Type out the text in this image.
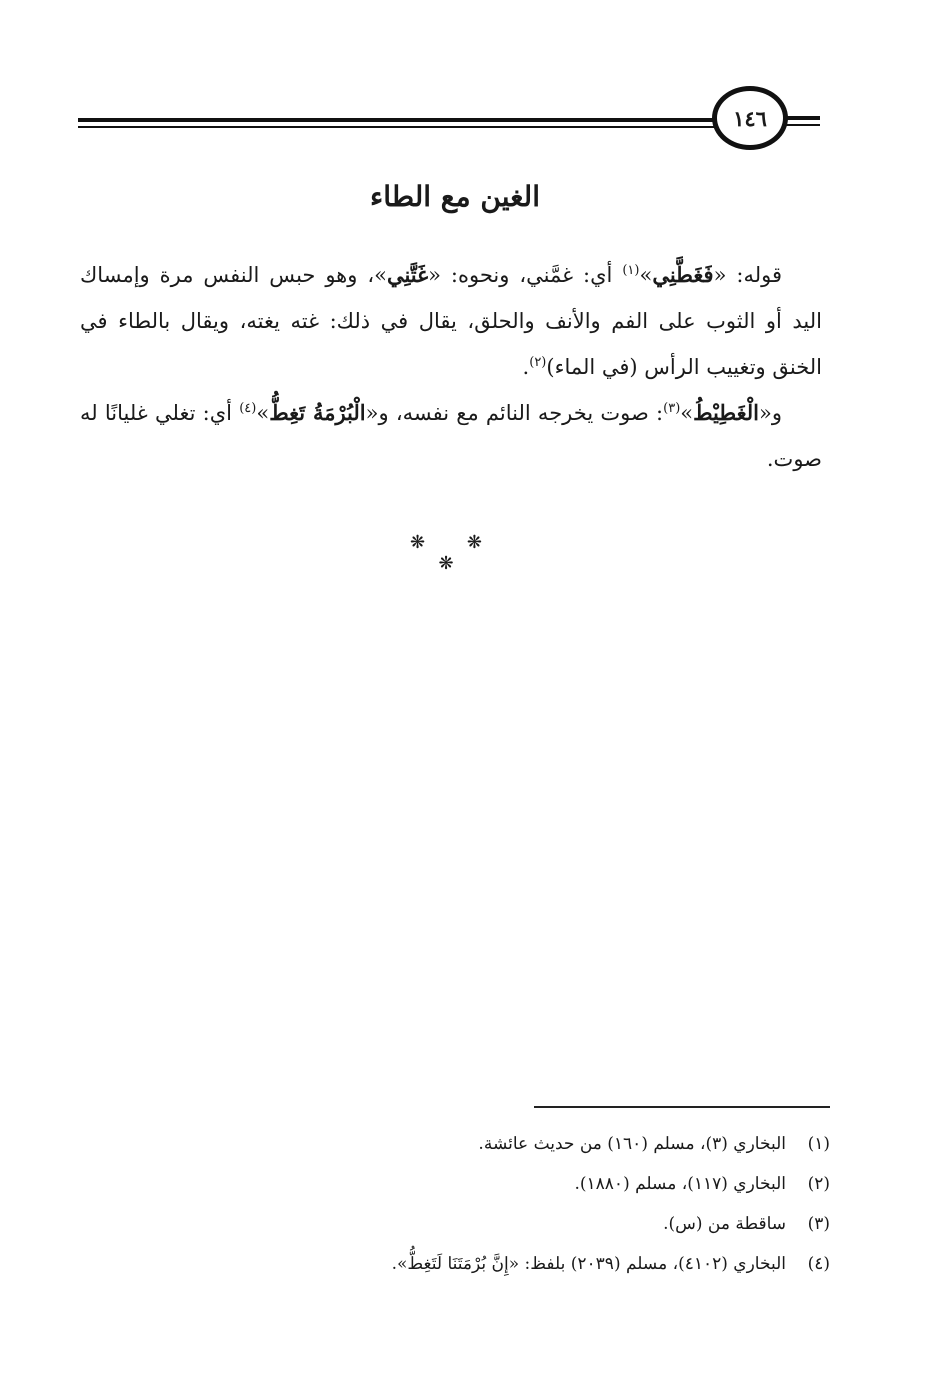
١٤٦
الغين مع الطاء

قوله: «فَغَطَّنِي»$^{(١)}$ أي: غمَّني، ونحوه: «غَتَّنِي»، وهو حبس النفس مرة وإمساك اليد أو الثوب على الفم والأنف والحلق، يقال في ذلك: غته يغته، ويقال بالطاء في الخنق وتغييب الرأس (في الماء)$^{(٢)}$.

و«الْغَطِيْطُ»$^{(٣)}$: صوت يخرجه النائم مع نفسه، و«الْبُرْمَةُ تَغِطُّ»$^{(٤)}$ أي: تغلي غليانًا له صوت.

❋ ❋ ❋
(١)
البخاري (٣)، مسلم (١٦٠) من حديث عائشة.
(٢)
البخاري (١١٧)، مسلم (١٨٨٠).
(٣)
ساقطة من (س).
(٤)
البخاري (٤١٠٢)، مسلم (٢٠٣٩) بلفظ: «إِنَّ بُرْمَتَنَا لَتَغِطُّ».
